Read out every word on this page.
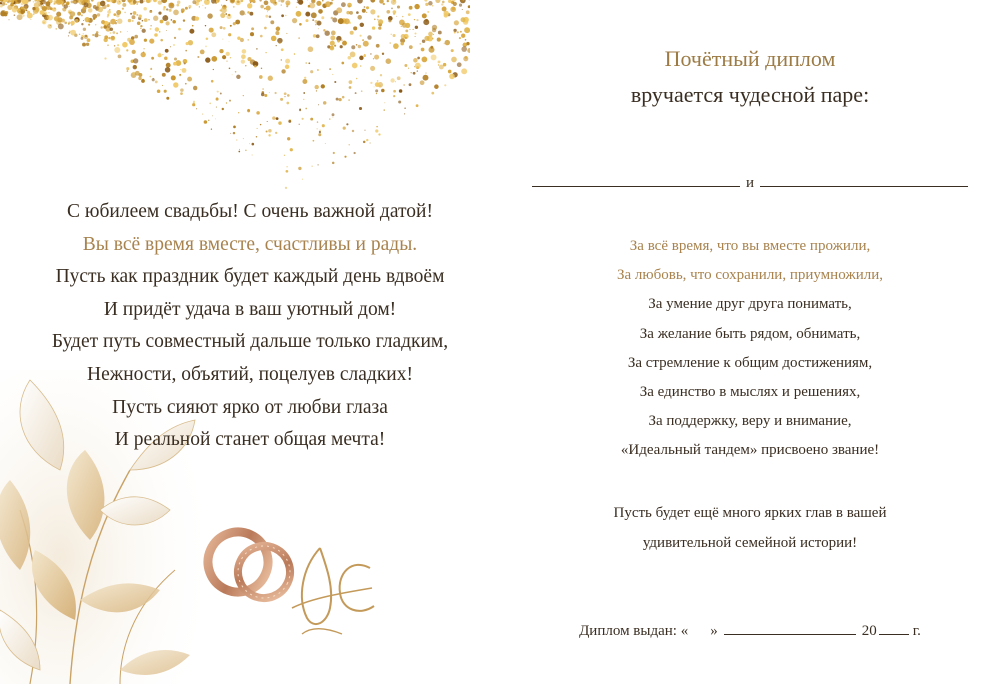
С юбилеем свадьбы! С очень важной датой!
Вы всё время вместе, счастливы и рады.
Пусть как праздник будет каждый день вдвоём
И придёт удача в ваш уютный дом!
Будет путь совместный дальше только гладким,
Нежности, объятий, поцелуев сладких!
Пусть сияют ярко от любви глаза
И реальной станет общая мечта!
Почётный диплом
вручается чудесной паре:
и
За всё время, что вы вместе прожили,
За любовь, что сохранили, приумножили,
За умение друг друга понимать,
За желание быть рядом, обнимать,
За стремление к общим достижениям,
За единство в мыслях и решениях,
За поддержку, веру и внимание,
«Идеальный тандем» присвоено звание!
Пусть будет ещё много ярких глав в вашей
удивительной семейной истории!
Диплом выдан: « »	20 г.
